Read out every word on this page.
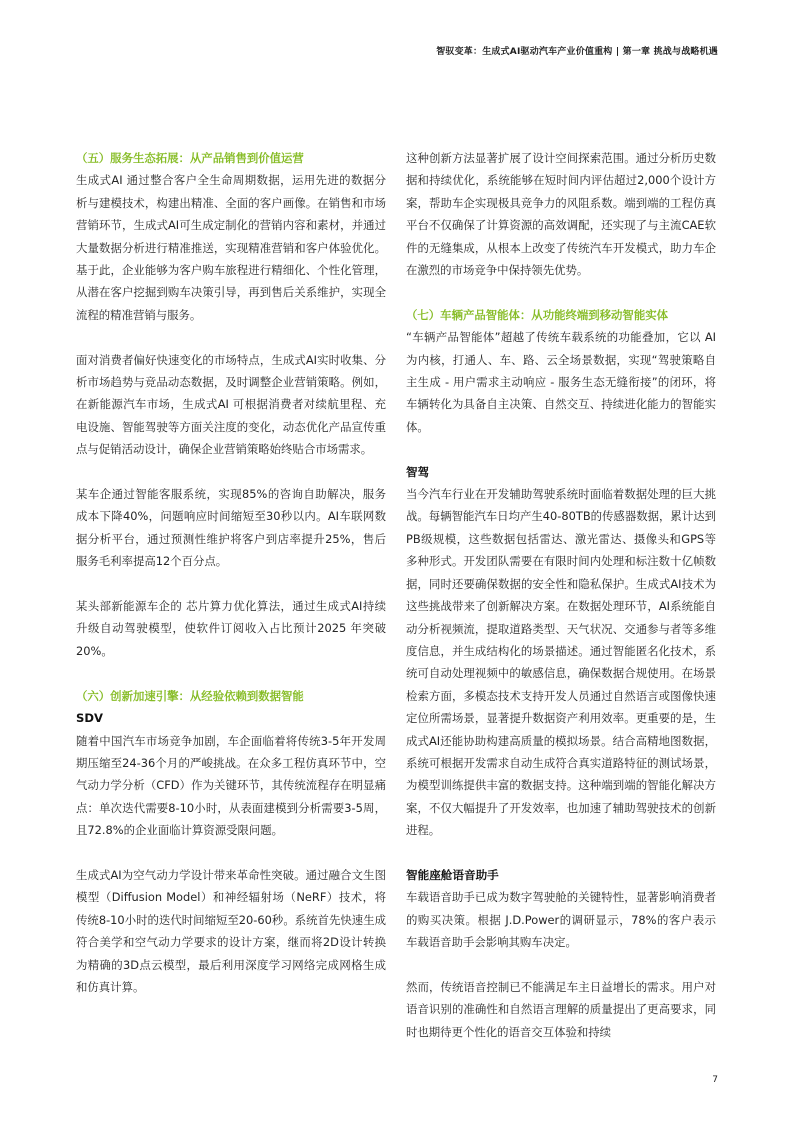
智驭变革：生成式AI驱动汽车产业价值重构 | 第一章 挑战与战略机遇
（五）服务生态拓展：从产品销售到价值运营

生成式AI 通过整合客户全生命周期数据，运用先进的数据分析与建模技术，构建出精准、全面的客户画像。在销售和市场营销环节，生成式AI可生成定制化的营销内容和素材，并通过大量数据分析进行精准推送，实现精准营销和客户体验优化。基于此，企业能够为客户购车旅程进行精细化、个性化管理，从潜在客户挖掘到购车决策引导，再到售后关系维护，实现全流程的精准营销与服务。

面对消费者偏好快速变化的市场特点，生成式AI实时收集、分析市场趋势与竞品动态数据，及时调整企业营销策略。例如，在新能源汽车市场，生成式AI 可根据消费者对续航里程、充电设施、智能驾驶等方面关注度的变化，动态优化产品宣传重点与促销活动设计，确保企业营销策略始终贴合市场需求。

某车企通过智能客服系统，实现85%的咨询自助解决，服务成本下降40%，问题响应时间缩短至30秒以内。AI车联网数据分析平台，通过预测性维护将客户到店率提升25%，售后服务毛利率提高12个百分点。

某头部新能源车企的 芯片算力优化算法，通过生成式AI持续升级自动驾驶模型，使软件订阅收入占比预计2025 年突破 20%。

（六）创新加速引擎：从经验依赖到数据智能
SDV

随着中国汽车市场竞争加剧，车企面临着将传统3-5年开发周期压缩至24-36个月的严峻挑战。在众多工程仿真环节中，空气动力学分析（CFD）作为关键环节，其传统流程存在明显痛点：单次迭代需要8-10小时，从表面建模到分析需要3-5周，且72.8%的企业面临计算资源受限问题。

生成式AI为空气动力学设计带来革命性突破。通过融合文生图模型（Diffusion Model）和神经辐射场（NeRF）技术，将传统8-10小时的迭代时间缩短至20-60秒。系统首先快速生成符合美学和空气动力学要求的设计方案，继而将2D设计转换为精确的3D点云模型，最后利用深度学习网络完成网格生成和仿真计算。

这种创新方法显著扩展了设计空间探索范围。通过分析历史数据和持续优化，系统能够在短时间内评估超过2,000个设计方案，帮助车企实现极具竞争力的风阻系数。端到端的工程仿真平台不仅确保了计算资源的高效调配，还实现了与主流CAE软件的无缝集成，从根本上改变了传统汽车开发模式，助力车企在激烈的市场竞争中保持领先优势。

（七）车辆产品智能体：从功能终端到移动智能实体

“车辆产品智能体”超越了传统车载系统的功能叠加，它以 AI 为内核，打通人、车、路、云全场景数据，实现“驾驶策略自主生成 - 用户需求主动响应 - 服务生态无缝衔接”的闭环，将车辆转化为具备自主决策、自然交互、持续进化能力的智能实体。

智驾

当今汽车行业在开发辅助驾驶系统时面临着数据处理的巨大挑战。每辆智能汽车日均产生40-80TB的传感器数据，累计达到PB级规模，这些数据包括雷达、激光雷达、摄像头和GPS等多种形式。开发团队需要在有限时间内处理和标注数十亿帧数据，同时还要确保数据的安全性和隐私保护。生成式AI技术为这些挑战带来了创新解决方案。在数据处理环节，AI系统能自动分析视频流，提取道路类型、天气状况、交通参与者等多维度信息，并生成结构化的场景描述。通过智能匿名化技术，系统可自动处理视频中的敏感信息，确保数据合规使用。在场景检索方面，多模态技术支持开发人员通过自然语言或图像快速定位所需场景，显著提升数据资产利用效率。更重要的是，生成式AI还能协助构建高质量的模拟场景。结合高精地图数据，系统可根据开发需求自动生成符合真实道路特征的测试场景，为模型训练提供丰富的数据支持。这种端到端的智能化解决方案，不仅大幅提升了开发效率，也加速了辅助驾驶技术的创新进程。

智能座舱语音助手

车载语音助手已成为数字驾驶舱的关键特性，显著影响消费者的购买决策。根据 J.D.Power的调研显示，78%的客户表示车载语音助手会影响其购车决定。

然而，传统语音控制已不能满足车主日益增长的需求。用户对语音识别的准确性和自然语言理解的质量提出了更高要求，同时也期待更个性化的语音交互体验和持续

7
